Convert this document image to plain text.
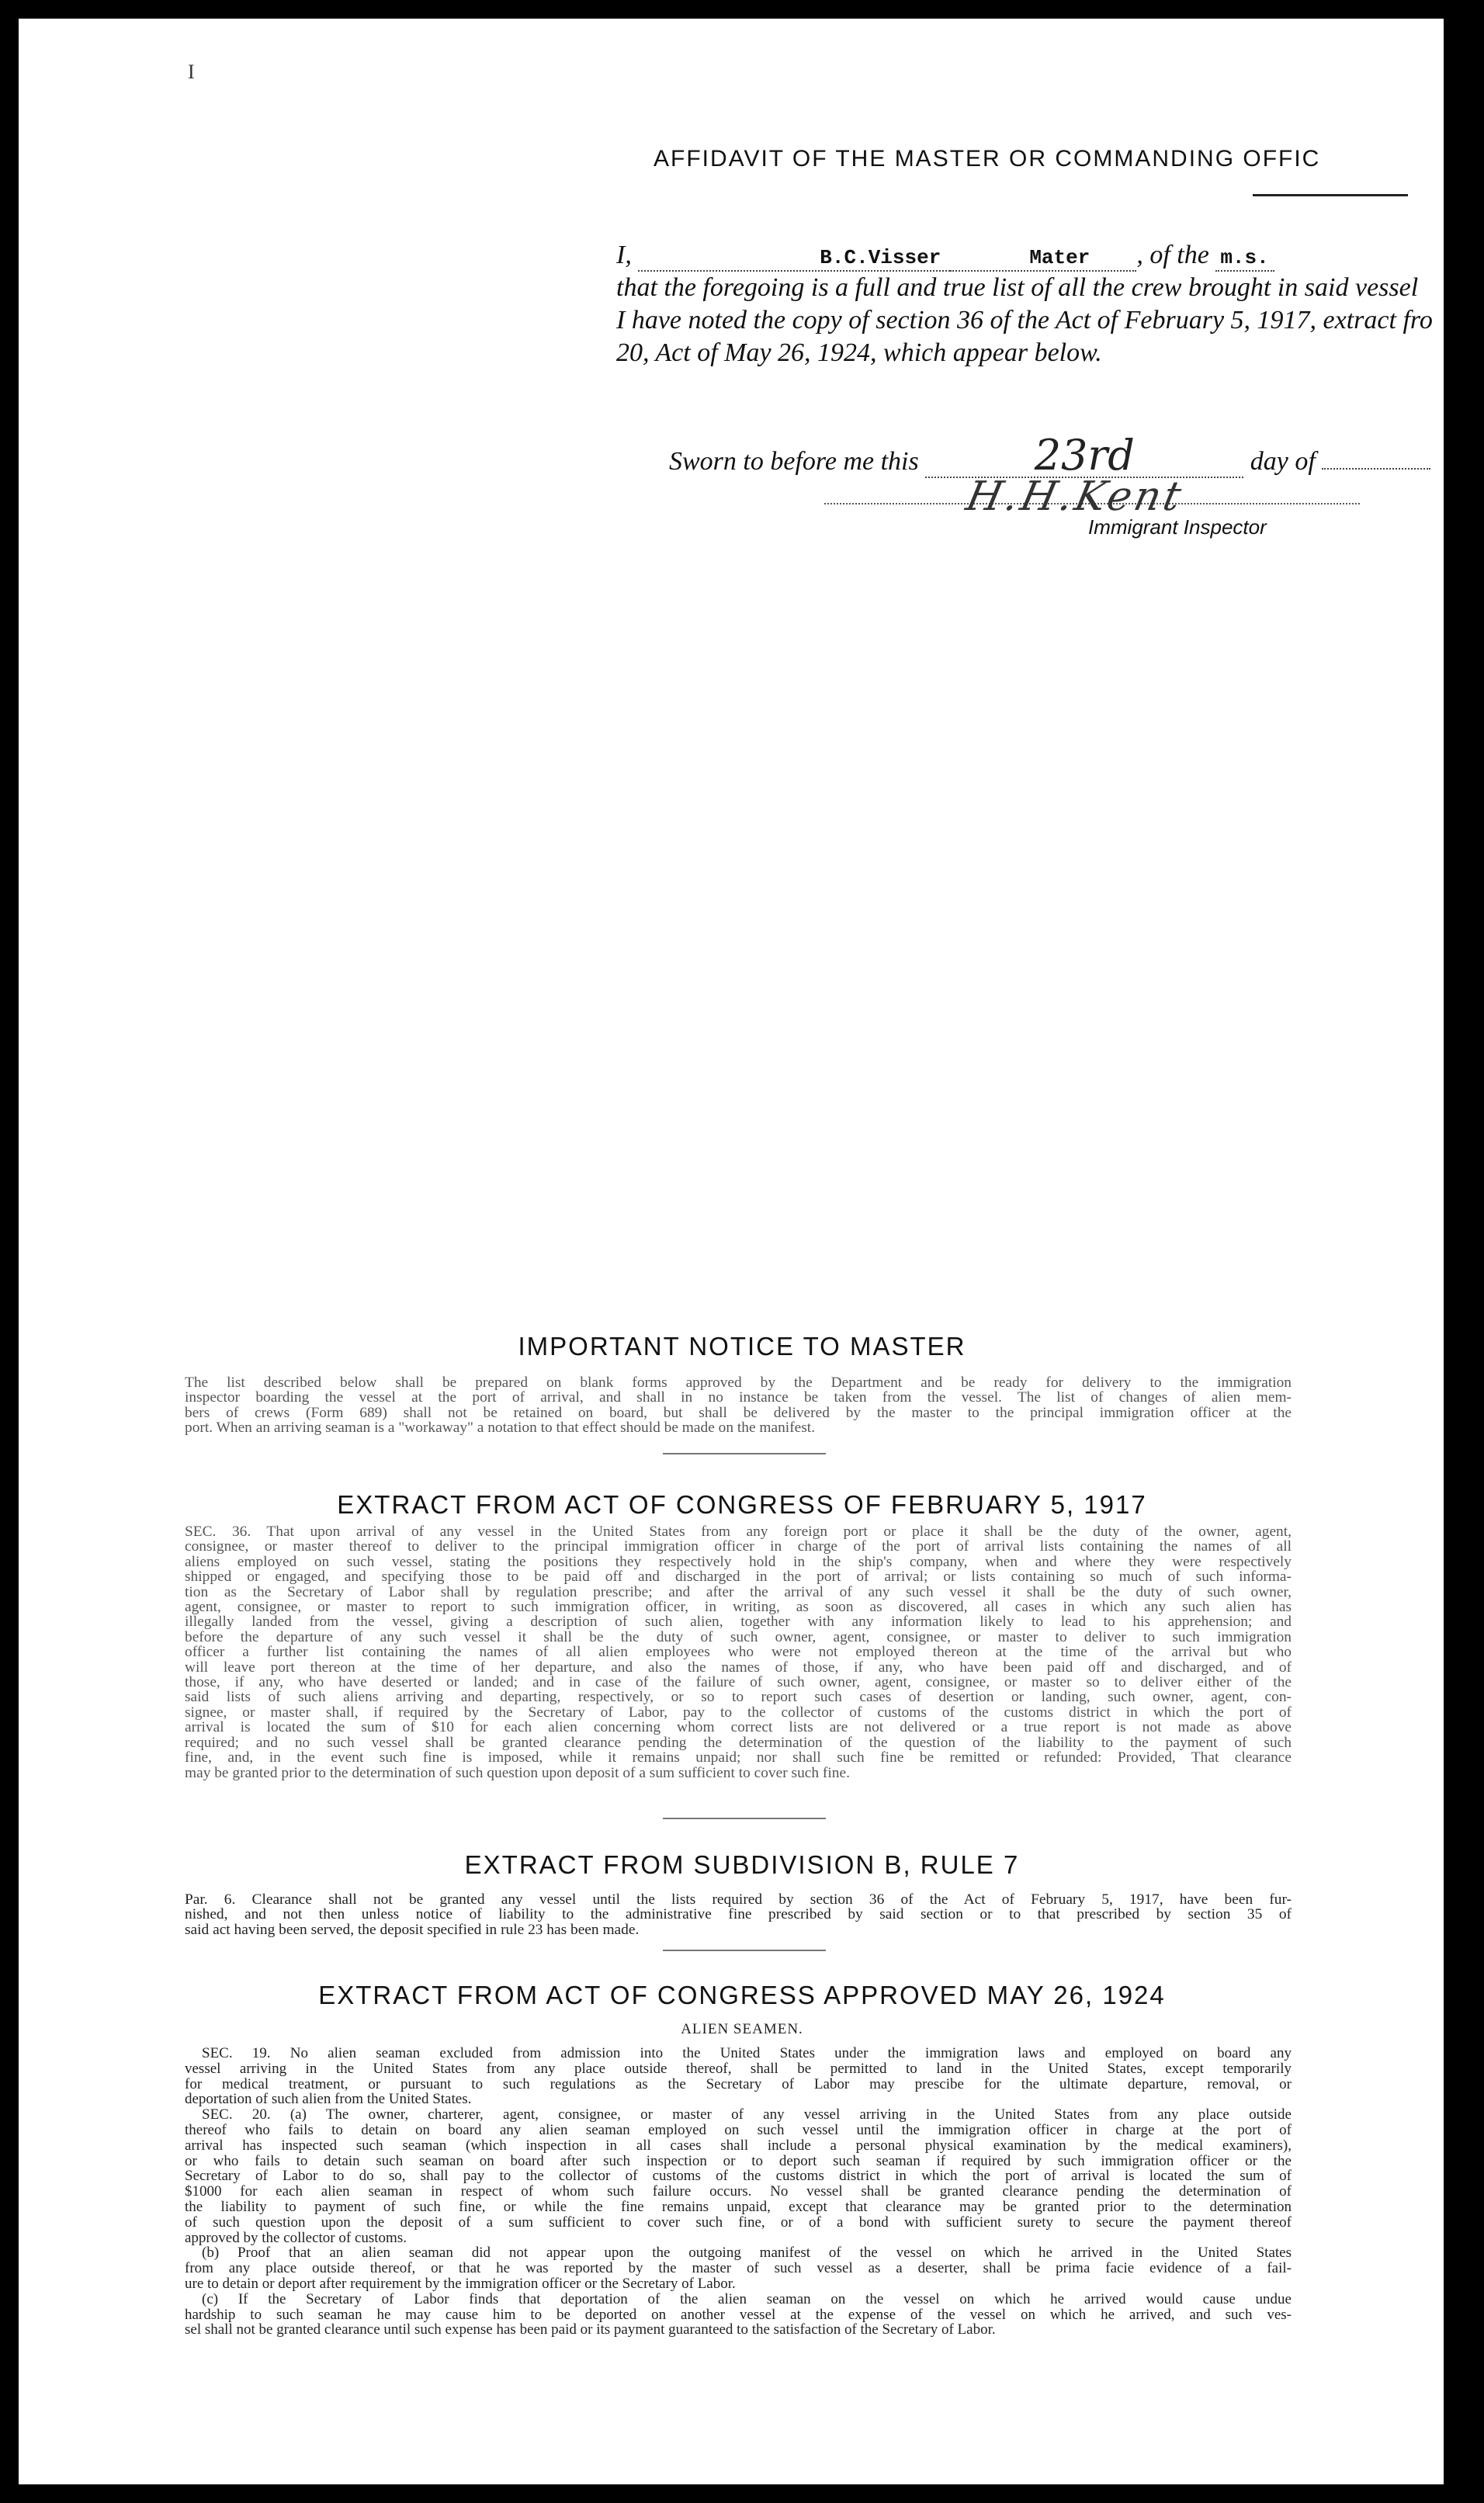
I
AFFIDAVIT OF THE MASTER OR COMMANDING OFFIC
I,	B.C.Visser	Mater , of the m.s.
that the foregoing is a full and true list of all the crew brought in said vessel
I have noted the copy of section 36 of the Act of February 5, 1917, extract fro
20, Act of May 26, 1924, which appear below.
Sworn to before me this	23rd	day of
H.H.Kent
Immigrant Inspector
IMPORTANT NOTICE TO MASTER
The list described below shall be prepared on blank forms approved by the Department and be ready for delivery to the immigration
inspector boarding the vessel at the port of arrival, and shall in no instance be taken from the vessel. The list of changes of alien mem-
bers of crews (Form 689) shall not be retained on board, but shall be delivered by the master to the principal immigration officer at the
port. When an arriving seaman is a "workaway" a notation to that effect should be made on the manifest.
EXTRACT FROM ACT OF CONGRESS OF FEBRUARY 5, 1917
SEC. 36. That upon arrival of any vessel in the United States from any foreign port or place it shall be the duty of the owner, agent,
consignee, or master thereof to deliver to the principal immigration officer in charge of the port of arrival lists containing the names of all
aliens employed on such vessel, stating the positions they respectively hold in the ship's company, when and where they were respectively
shipped or engaged, and specifying those to be paid off and discharged in the port of arrival; or lists containing so much of such informa-
tion as the Secretary of Labor shall by regulation prescribe; and after the arrival of any such vessel it shall be the duty of such owner,
agent, consignee, or master to report to such immigration officer, in writing, as soon as discovered, all cases in which any such alien has
illegally landed from the vessel, giving a description of such alien, together with any information likely to lead to his apprehension; and
before the departure of any such vessel it shall be the duty of such owner, agent, consignee, or master to deliver to such immigration
officer a further list containing the names of all alien employees who were not employed thereon at the time of the arrival but who
will leave port thereon at the time of her departure, and also the names of those, if any, who have been paid off and discharged, and of
those, if any, who have deserted or landed; and in case of the failure of such owner, agent, consignee, or master so to deliver either of the
said lists of such aliens arriving and departing, respectively, or so to report such cases of desertion or landing, such owner, agent, con-
signee, or master shall, if required by the Secretary of Labor, pay to the collector of customs of the customs district in which the port of
arrival is located the sum of $10 for each alien concerning whom correct lists are not delivered or a true report is not made as above
required; and no such vessel shall be granted clearance pending the determination of the question of the liability to the payment of such
fine, and, in the event such fine is imposed, while it remains unpaid; nor shall such fine be remitted or refunded: Provided, That clearance
may be granted prior to the determination of such question upon deposit of a sum sufficient to cover such fine.
EXTRACT FROM SUBDIVISION B, RULE 7
Par. 6. Clearance shall not be granted any vessel until the lists required by section 36 of the Act of February 5, 1917, have been fur-
nished, and not then unless notice of liability to the administrative fine prescribed by said section or to that prescribed by section 35 of
said act having been served, the deposit specified in rule 23 has been made.
EXTRACT FROM ACT OF CONGRESS APPROVED MAY 26, 1924
ALIEN SEAMEN.
SEC. 19. No alien seaman excluded from admission into the United States under the immigration laws and employed on board any
vessel arriving in the United States from any place outside thereof, shall be permitted to land in the United States, except temporarily
for medical treatment, or pursuant to such regulations as the Secretary of Labor may prescibe for the ultimate departure, removal, or
deportation of such alien from the United States.
SEC. 20. (a) The owner, charterer, agent, consignee, or master of any vessel arriving in the United States from any place outside
thereof who fails to detain on board any alien seaman employed on such vessel until the immigration officer in charge at the port of
arrival has inspected such seaman (which inspection in all cases shall include a personal physical examination by the medical examiners),
or who fails to detain such seaman on board after such inspection or to deport such seaman if required by such immigration officer or the
Secretary of Labor to do so, shall pay to the collector of customs of the customs district in which the port of arrival is located the sum of
$1000 for each alien seaman in respect of whom such failure occurs. No vessel shall be granted clearance pending the determination of
the liability to payment of such fine, or while the fine remains unpaid, except that clearance may be granted prior to the determination
of such question upon the deposit of a sum sufficient to cover such fine, or of a bond with sufficient surety to secure the payment thereof
approved by the collector of customs.
(b) Proof that an alien seaman did not appear upon the outgoing manifest of the vessel on which he arrived in the United States
from any place outside thereof, or that he was reported by the master of such vessel as a deserter, shall be prima facie evidence of a fail-
ure to detain or deport after requirement by the immigration officer or the Secretary of Labor.
(c) If the Secretary of Labor finds that deportation of the alien seaman on the vessel on which he arrived would cause undue
hardship to such seaman he may cause him to be deported on another vessel at the expense of the vessel on which he arrived, and such ves-
sel shall not be granted clearance until such expense has been paid or its payment guaranteed to the satisfaction of the Secretary of Labor.
